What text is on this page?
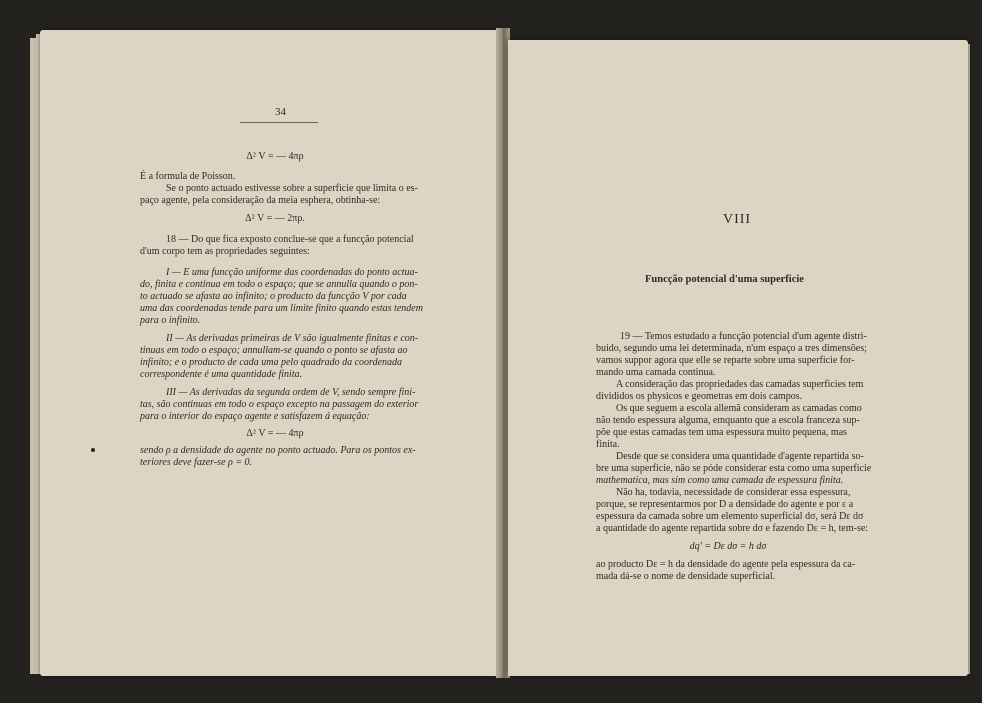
34
Δ² V = — 4πρ
É a formula de Poisson.
Se o ponto actuado estivesse sobre a superficie que limita o es-
paço agente, pela consideração da meia esphera, obtinha-se:
Δ² V = — 2πρ.
18 — Do que fica exposto conclue-se que a funcção potencial
d'um corpo tem as propriedades seguintes:
I — E uma funcção uniforme das coordenadas do ponto actua-
do, finita e continua em todo o espaço; que se annulla quando o pon-
to actuado se afasta ao infinito; o producto da funcção V por cada
uma das coordenadas tende para um limite finito quando estas tendem
para o infinito.
II — As derivadas primeiras de V são igualmente finitas e con-
tinuas em todo o espaço; annullam-se quando o ponto se afasta ao
infinito; e o producto de cada uma pelo quadrado da coordenada
correspondente é uma quantidade finita.
III — As derivadas da segunda ordem de V, sendo sempre fini-
tas, são continuas em todo o espaço excepto na passagem do exterior
para o interior do espaço agente e satisfazem á equação:
Δ² V = — 4πρ
sendo ρ a densidade do agente no ponto actuado. Para os pontos ex-
teriores deve fazer-se ρ = 0.
VIII
Funcção potencial d'uma superficie
19 — Temos estudado a funcção potencial d'um agente distri-
buido, segundo uma lei determinada, n'um espaço a tres dimensões;
vamos suppor agora que elle se reparte sobre uma superficie for-
mando uma camada continua.
A consideração das propriedades das camadas superficies tem
divididos os physicos e geometras em dois campos.
Os que seguem a escola allemã consideram as camadas como
não tendo espessura alguma, emquanto que a escola franceza sup-
põe que estas camadas tem uma espessura muito pequena, mas
finita.
Desde que se considera uma quantidade d'agente repartida so-
bre uma superficie, não se póde considerar esta como uma superficie
mathematica, mas sim como uma camada de espessura finita.
Não ha, todavia, necessidade de considerar essa espessura,
porque, se representarmos por D a densidade do agente e por ε a
espessura da camada sobre um elemento superficial dσ, será Dε dσ
a quantidade do agente repartida sobre dσ e fazendo Dε = h, tem-se:
dq' = Dε dσ = h dσ
ao producto Dε = h da densidade do agente pela espessura da ca-
mada dá-se o nome de densidade superficial.
